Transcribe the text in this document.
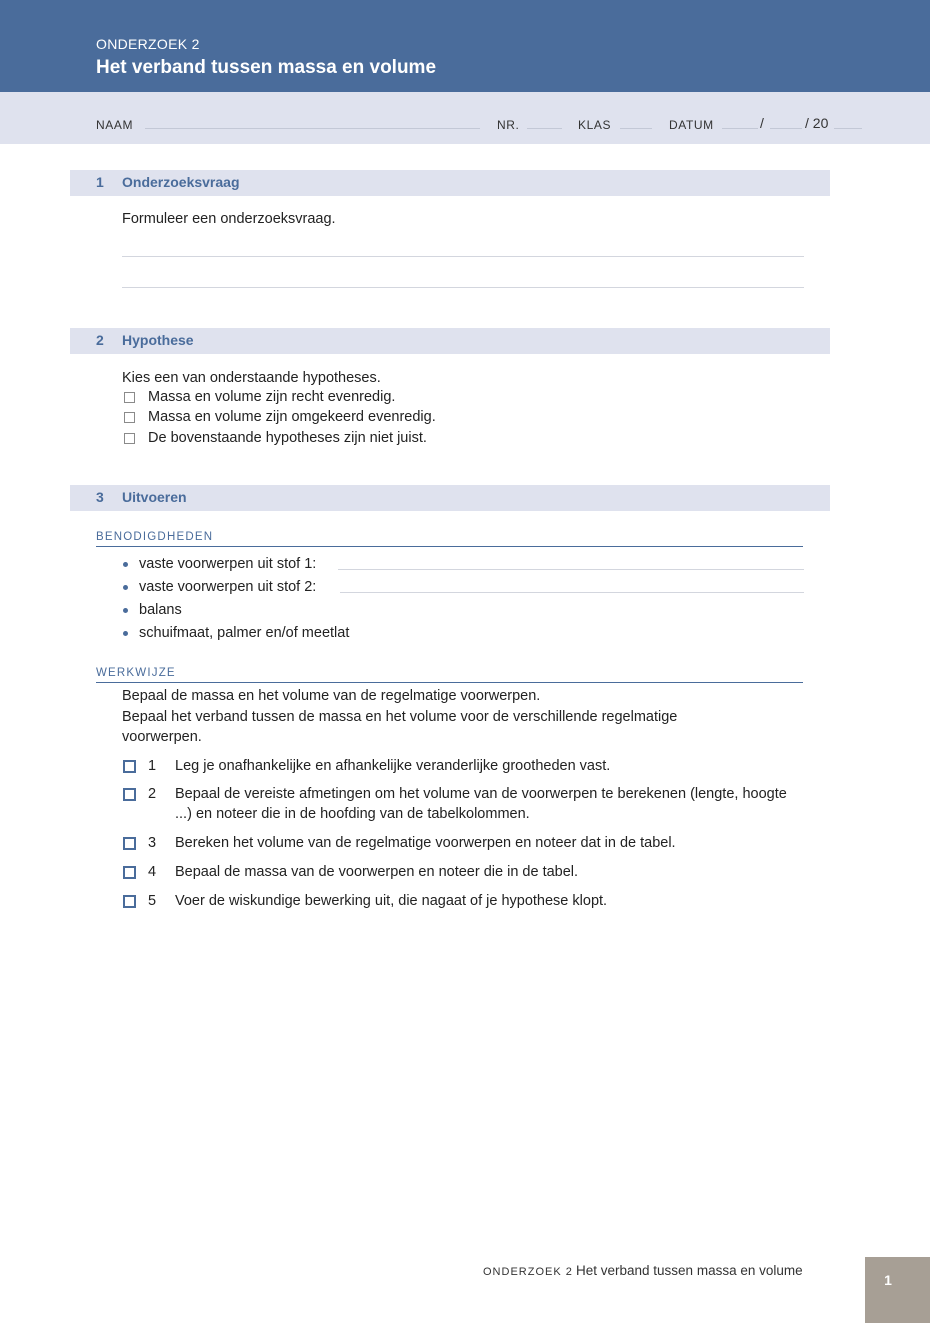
ONDERZOEK 2
Het verband tussen massa en volume
NAAM	NR.	KLAS	DATUM	/	/ 20
1 Onderzoeksvraag
Formuleer een onderzoeksvraag.
2 Hypothese
Kies een van onderstaande hypotheses.
Massa en volume zijn recht evenredig.
Massa en volume zijn omgekeerd evenredig.
De bovenstaande hypotheses zijn niet juist.
3 Uitvoeren
BENODIGDHEDEN
vaste voorwerpen uit stof 1:
vaste voorwerpen uit stof 2:
balans
schuifmaat, palmer en/of meetlat
WERKWIJZE
Bepaal de massa en het volume van de regelmatige voorwerpen.
Bepaal het verband tussen de massa en het volume voor de verschillende regelmatige
voorwerpen.
1 Leg je onafhankelijke en afhankelijke veranderlijke grootheden vast.
2 Bepaal de vereiste afmetingen om het volume van de voorwerpen te berekenen (lengte, hoogte ...) en noteer die in de hoofding van de tabelkolommen.
3 Bereken het volume van de regelmatige voorwerpen en noteer dat in de tabel.
4 Bepaal de massa van de voorwerpen en noteer die in de tabel.
5 Voer de wiskundige bewerking uit, die nagaat of je hypothese klopt.
ONDERZOEK 2 Het verband tussen massa en volume
1
